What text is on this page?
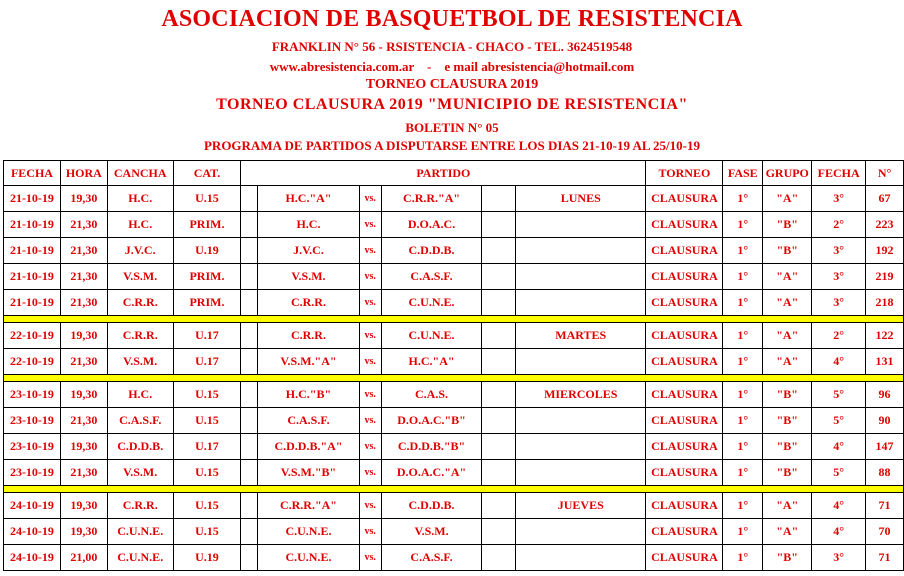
ASOCIACION DE BASQUETBOL DE RESISTENCIA
FRANKLIN N° 56 - RSISTENCIA - CHACO - TEL. 3624519548
www.abresistencia.com.ar    -    e mail abresistencia@hotmail.com
TORNEO CLAUSURA 2019
TORNEO CLAUSURA 2019 "MUNICIPIO DE RESISTENCIA"
BOLETIN N° 05
PROGRAMA DE PARTIDOS A DISPUTARSE ENTRE LOS DIAS 21-10-19 AL 25/10-19
FECHA	HORA	CANCHA	CAT.	PARTIDO						TORNEO	FASE	GRUPO	FECHA	N°
21-10-19	19,30	H.C.	U.15		H.C."A"	vs.	C.R.R."A"		LUNES	CLAUSURA	1°	"A"	3°	67
21-10-19	21,30	H.C.	PRIM.		H.C.	vs.	D.O.A.C.			CLAUSURA	1°	"B"	2°	223
21-10-19	21,30	J.V.C.	U.19		J.V.C.	vs.	C.D.D.B.			CLAUSURA	1°	"B"	3°	192
21-10-19	21,30	V.S.M.	PRIM.		V.S.M.	vs.	C.A.S.F.			CLAUSURA	1°	"A"	3°	219
21-10-19	21,30	C.R.R.	PRIM.		C.R.R.	vs.	C.U.N.E.			CLAUSURA	1°	"A"	3°	218

22-10-19	19,30	C.R.R.	U.17		C.R.R.	vs.	C.U.N.E.		MARTES	CLAUSURA	1°	"A"	2°	122
22-10-19	21,30	V.S.M.	U.17		V.S.M."A"	vs.	H.C."A"			CLAUSURA	1°	"A"	4°	131

23-10-19	19,30	H.C.	U.15		H.C."B"	vs.	C.A.S.		MIERCOLES	CLAUSURA	1°	"B"	5°	96
23-10-19	21,30	C.A.S.F.	U.15		C.A.S.F.	vs.	D.O.A.C."B"			CLAUSURA	1°	"B"	5°	90
23-10-19	19,30	C.D.D.B.	U.17		C.D.D.B."A"	vs.	C.D.D.B."B"			CLAUSURA	1°	"B"	4°	147
23-10-19	21,30	V.S.M.	U.15		V.S.M."B"	vs.	D.O.A.C."A"			CLAUSURA	1°	"B"	5°	88

24-10-19	19,30	C.R.R.	U.15		C.R.R."A"	vs.	C.D.D.B.		JUEVES	CLAUSURA	1°	"A"	4°	71
24-10-19	19,30	C.U.N.E.	U.15		C.U.N.E.	vs.	V.S.M.			CLAUSURA	1°	"A"	4°	70
24-10-19	21,00	C.U.N.E.	U.19		C.U.N.E.	vs.	C.A.S.F.			CLAUSURA	1°	"B"	3°	71
